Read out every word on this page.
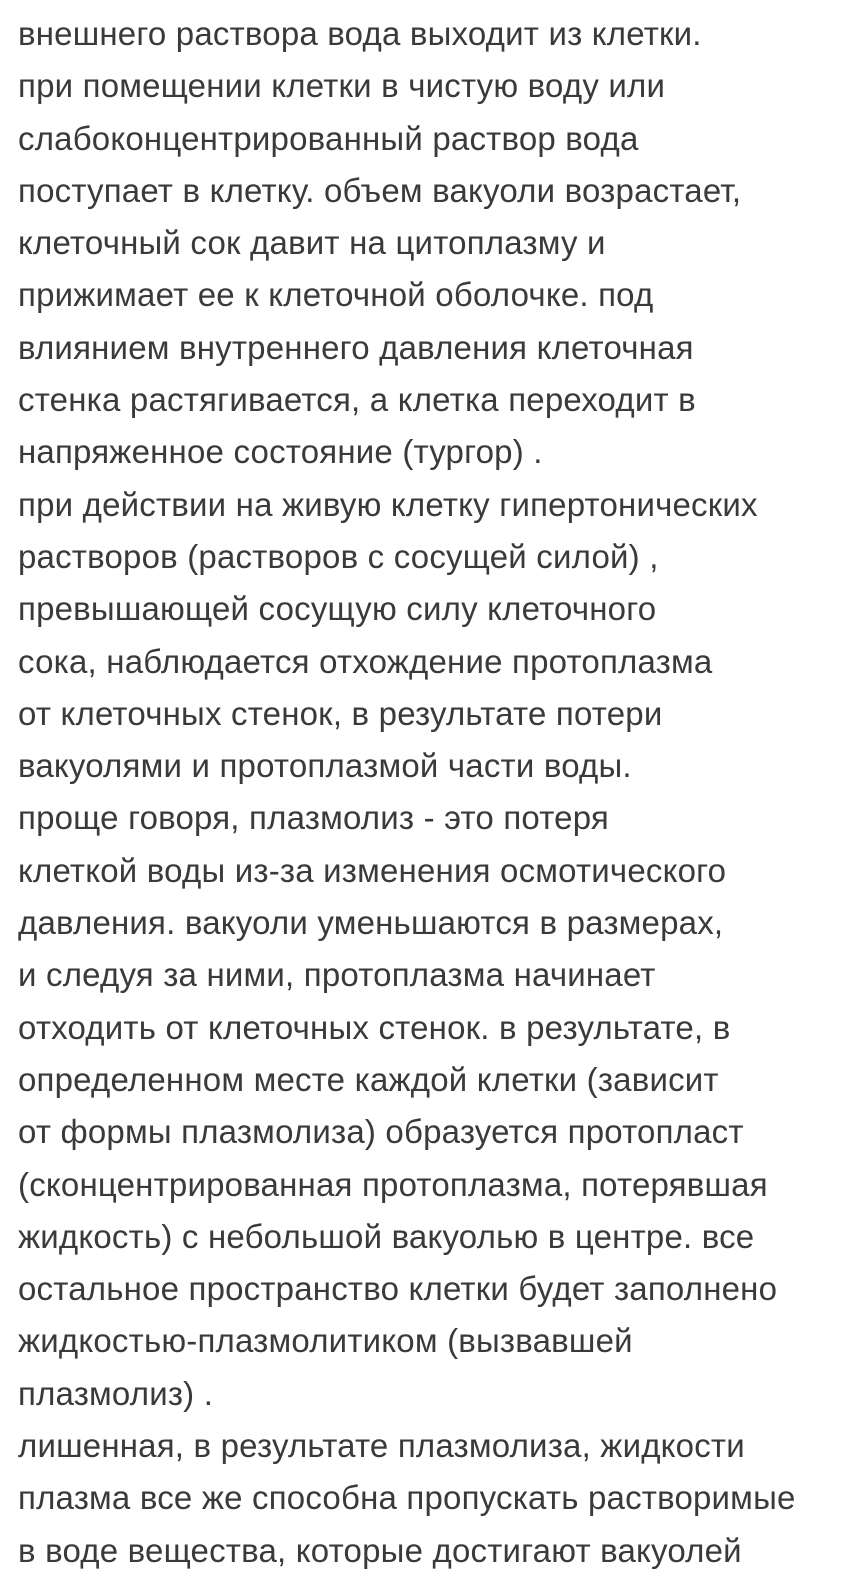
внешнего раствора вода выходит из клетки.
при помещении клетки в чистую воду или
слабоконцентрированный раствор вода
поступает в клетку. объем вакуоли возрастает,
клеточный сок давит на цитоплазму и
прижимает ее к клеточной оболочке. под
влиянием внутреннего давления клеточная
стенка растягивается, а клетка переходит в
напряженное состояние (тургор) .
при действии на живую клетку гипертонических
растворов (растворов с сосущей силой) ,
превышающей сосущую силу клеточного
сока, наблюдается отхождение протоплазма
от клеточных стенок, в результате потери
вакуолями и протоплазмой части воды.
проще говоря, плазмолиз - это потеря
клеткой воды из-за изменения осмотического
давления. вакуоли уменьшаются в размерах,
и следуя за ними, протоплазма начинает
отходить от клеточных стенок. в результате, в
определенном месте каждой клетки (зависит
от формы плазмолиза) образуется протопласт
(сконцентрированная протоплазма, потерявшая
жидкость) с небольшой вакуолью в центре. все
остальное пространство клетки будет заполнено
жидкостью-плазмолитиком (вызвавшей
плазмолиз) .
лишенная, в результате плазмолиза, жидкости
плазма все же способна пропускать растворимые
в воде вещества, которые достигают вакуолей
